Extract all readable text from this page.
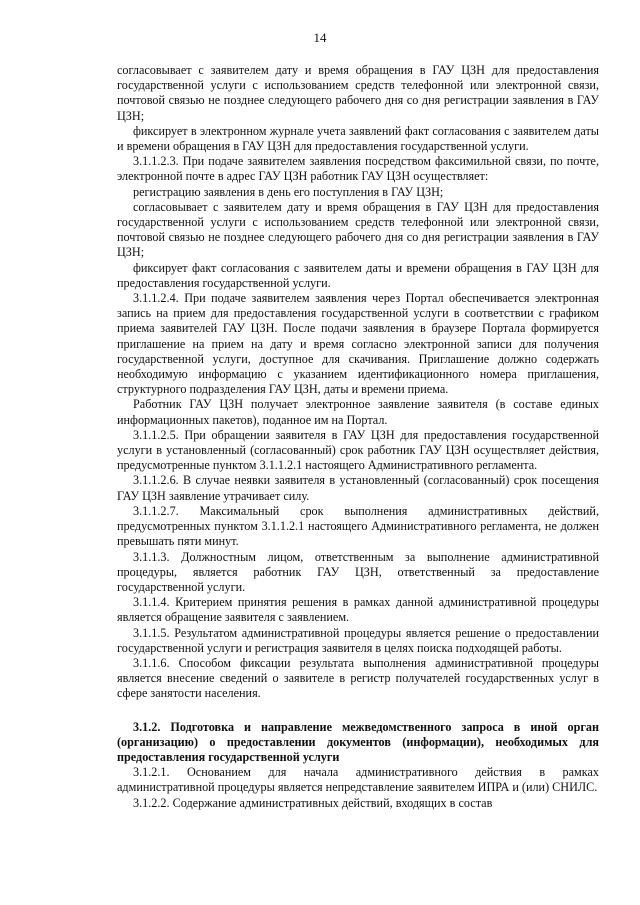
14

согласовывает с заявителем дату и время обращения в ГАУ ЦЗН для предоставления государственной услуги с использованием средств телефонной или электронной связи, почтовой связью не позднее следующего рабочего дня со дня регистрации заявления в ГАУ ЦЗН;

фиксирует в электронном журнале учета заявлений факт согласования с заявителем даты и времени обращения в ГАУ ЦЗН для предоставления государственной услуги.

3.1.1.2.3. При подаче заявителем заявления посредством факсимильной связи, по почте, электронной почте в адрес ГАУ ЦЗН работник ГАУ ЦЗН осуществляет:

регистрацию заявления в день его поступления в ГАУ ЦЗН;

согласовывает с заявителем дату и время обращения в ГАУ ЦЗН для предоставления государственной услуги с использованием средств телефонной или электронной связи, почтовой связью не позднее следующего рабочего дня со дня регистрации заявления в ГАУ ЦЗН;

фиксирует факт согласования с заявителем даты и времени обращения в ГАУ ЦЗН для предоставления государственной услуги.

3.1.1.2.4. При подаче заявителем заявления через Портал обеспечивается электронная запись на прием для предоставления государственной услуги в соответствии с графиком приема заявителей ГАУ ЦЗН. После подачи заявления в браузере Портала формируется приглашение на прием на дату и время согласно электронной записи для получения государственной услуги, доступное для скачивания. Приглашение должно содержать необходимую информацию с указанием идентификационного номера приглашения, структурного подразделения ГАУ ЦЗН, даты и времени приема.

Работник ГАУ ЦЗН получает электронное заявление заявителя (в составе единых информационных пакетов), поданное им на Портал.

3.1.1.2.5. При обращении заявителя в ГАУ ЦЗН для предоставления государственной услуги в установленный (согласованный) срок работник ГАУ ЦЗН осуществляет действия, предусмотренные пунктом 3.1.1.2.1 настоящего Административного регламента.

3.1.1.2.6. В случае неявки заявителя в установленный (согласованный) срок посещения ГАУ ЦЗН заявление утрачивает силу.

3.1.1.2.7. Максимальный срок выполнения административных действий, предусмотренных пунктом 3.1.1.2.1 настоящего Административного регламента, не должен превышать пяти минут.

3.1.1.3. Должностным лицом, ответственным за выполнение административной процедуры, является работник ГАУ ЦЗН, ответственный за предоставление государственной услуги.

3.1.1.4. Критерием принятия решения в рамках данной административной процедуры является обращение заявителя с заявлением.

3.1.1.5. Результатом административной процедуры является решение о предоставлении государственной услуги и регистрация заявителя в целях поиска подходящей работы.

3.1.1.6. Способом фиксации результата выполнения административной процедуры является внесение сведений о заявителе в регистр получателей государственных услуг в сфере занятости населения.

3.1.2. Подготовка и направление межведомственного запроса в иной орган (организацию) о предоставлении документов (информации), необходимых для предоставления государственной услуги

3.1.2.1. Основанием для начала административного действия в рамках административной процедуры является непредставление заявителем ИПРА и (или) СНИЛС.

3.1.2.2. Содержание административных действий, входящих в состав
